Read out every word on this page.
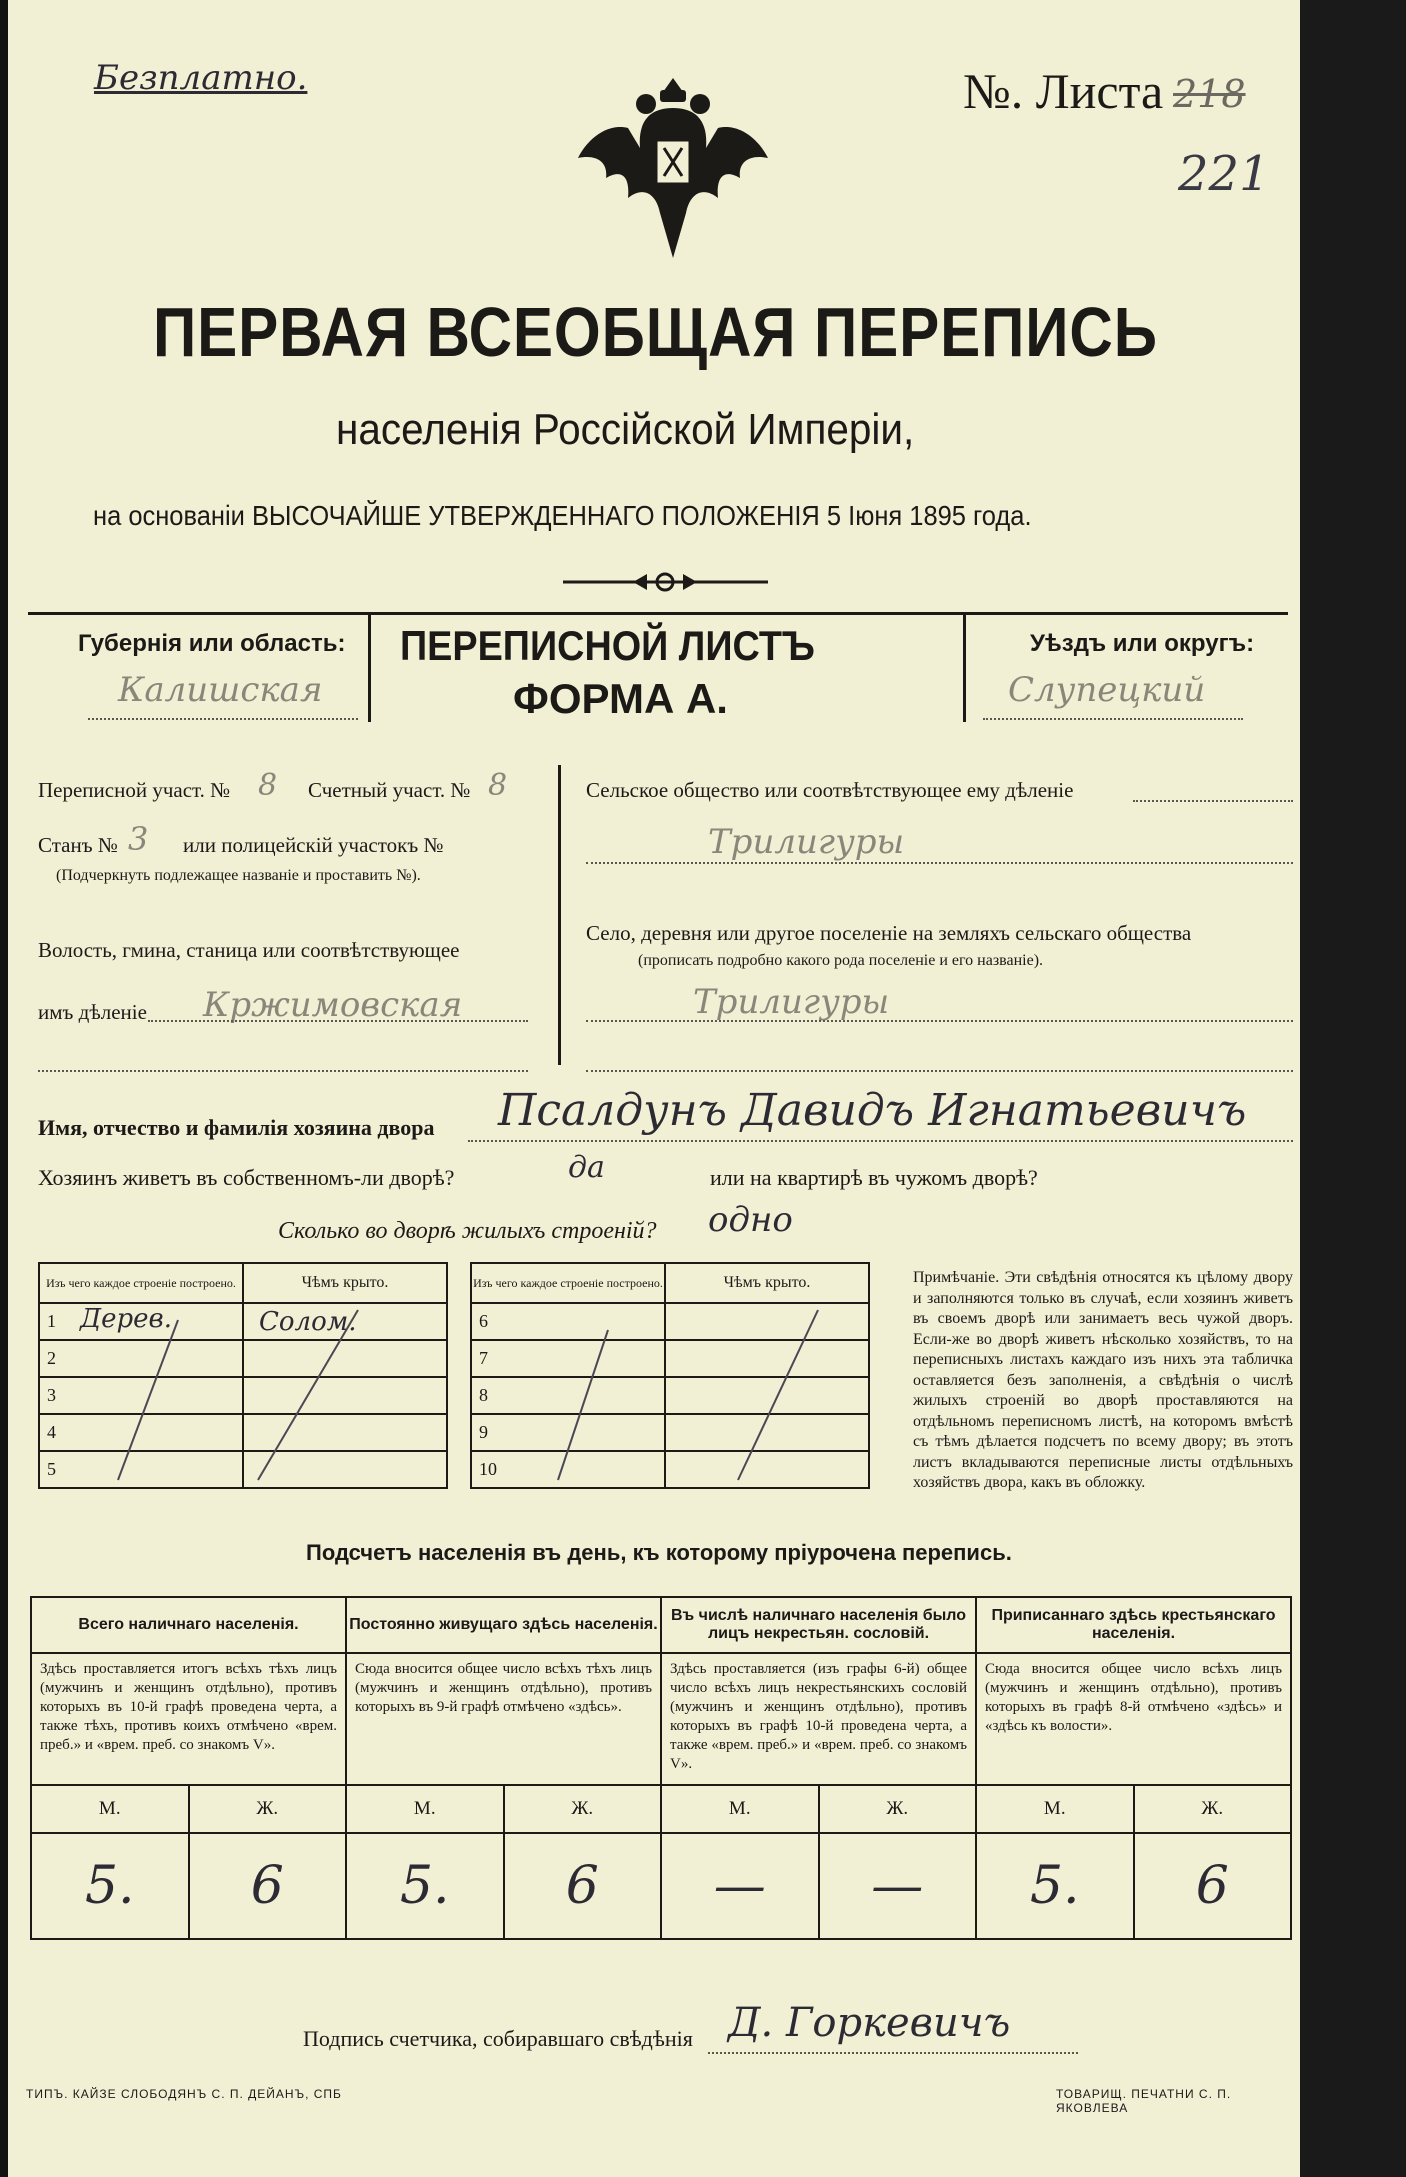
Безплатно.	№. Листа 218
221
ПЕРВАЯ ВСЕОБЩАЯ ПЕРЕПИСЬ
населенія Россійской Имперіи,
на основаніи ВЫСОЧАЙШЕ УТВЕРЖДЕННАГО ПОЛОЖЕНІЯ 5 Іюня 1895 года.
Губернія или область:
Калишская
ПЕРЕПИСНОЙ ЛИСТЪ
ФОРМА А.
Уѣздъ или округъ:
Слупецкий
Переписной участ. № 8 Счетный участ. № 8
Станъ № 3 или полицейскій участокъ №
(Подчеркнуть подлежащее названіе и проставить №).
Волость, гмина, станица или соотвѣтствующее
имъ дѣленіе Кржимовская
Сельское общество или соотвѣтствующее ему дѣленіе
Трилигуры
Село, деревня или другое поселеніе на земляхъ сельскаго общества
(прописать подробно какого рода поселеніе и его названіе).
Трилигуры
Имя, отчество и фамилія хозяина двора Псалдунъ Давидъ Игнатьевичъ
Хозяинъ живетъ въ собственномъ-ли дворѣ?	да	или на квартирѣ въ чужомъ дворѣ?
Сколько во дворѣ жилыхъ строеній? одно
Изъ чего каждое строеніе построено.	Чѣмъ крыто.
1 Дерев.	Солом.
2	
3	
4	
5	
Изъ чего каждое строеніе построено.	Чѣмъ крыто.
6	
7	
8	
9	
10	
Примѣчаніе. Эти свѣдѣнія относятся къ цѣлому двору и заполняются только въ случаѣ, если хозяинъ живетъ въ своемъ дворѣ или занимаетъ весь чужой дворъ. Если-же во дворѣ живетъ нѣсколько хозяйствъ, то на переписныхъ листахъ каждаго изъ нихъ эта табличка оставляется безъ заполненія, а свѣдѣнія о числѣ жилыхъ строеній во дворѣ проставляются на отдѣльномъ переписномъ листѣ, на которомъ вмѣстѣ съ тѣмъ дѣлается подсчетъ по всему двору; въ этотъ листъ вкладываются переписные листы отдѣльныхъ хозяйствъ двора, какъ въ обложку.
Подсчетъ населенія въ день, къ которому пріурочена перепись.
Всего наличнаго населенія.		Постоянно живущаго здѣсь населенія.		Въ числѣ наличнаго населенія было лицъ некрестьян. сословій.		Приписаннаго здѣсь крестьянскаго населенія.	
Здѣсь проставляется итогъ всѣхъ тѣхъ лицъ (мужчинъ и женщинъ отдѣльно), противъ которыхъ въ 10-й графѣ проведена черта, а также тѣхъ, противъ коихъ отмѣчено «врем. преб.» и «врем. преб. со знакомъ V».		Сюда вносится общее число всѣхъ тѣхъ лицъ (мужчинъ и женщинъ отдѣльно), противъ которыхъ въ 9-й графѣ отмѣчено «здѣсь».		Здѣсь проставляется (изъ графы 6-й) общее число всѣхъ лицъ некрестьянскихъ сословій (мужчинъ и женщинъ отдѣльно), противъ которыхъ въ графѣ 10-й проведена черта, а также «врем. преб.» и «врем. преб. со знакомъ V».		Сюда вносится общее число всѣхъ лицъ (мужчинъ и женщинъ отдѣльно), противъ которыхъ въ графѣ 8-й отмѣчено «здѣсь» и «здѣсь къ волости».	
М.	Ж.	М.	Ж.	М.	Ж.	М.	Ж.
5.	6	5.	6	—	—	5.	6
Подпись счетчика, собиравшаго свѣдѣнія Д. Горкевичъ
ТИПЪ. КАЙЗЕ СЛОБОДЯНЪ С. П. ДЕЙАНЪ, СПБ	ТОВАРИЩ. ПЕЧАТНИ С. П. ЯКОВЛЕВА
